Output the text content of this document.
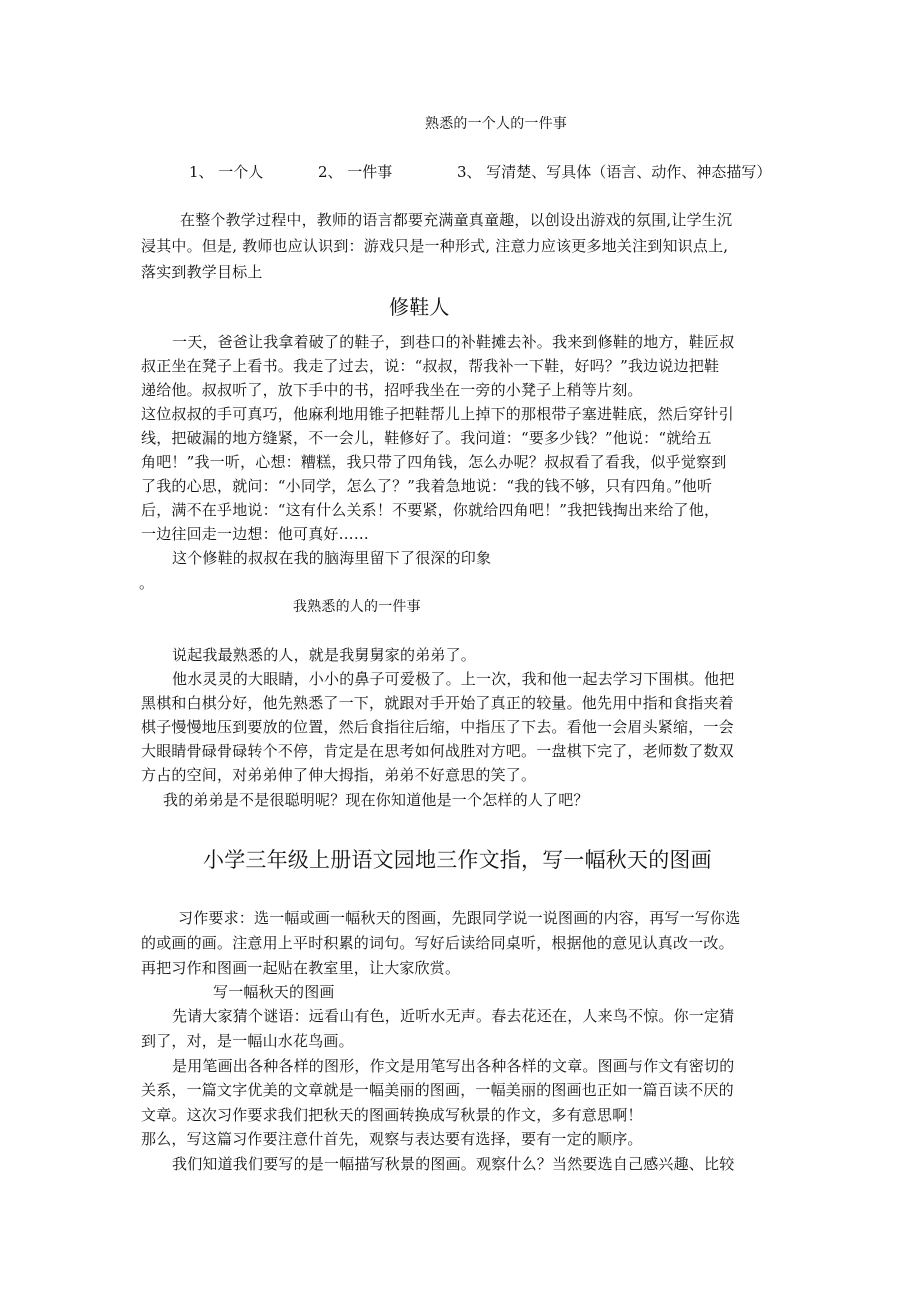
熟悉的一个人的一件事
1、 一个人	2、 一件事	3、 写清楚、写具体（语言、动作、神态描写）
在整个教学过程中，教师的语言都要充满童真童趣，以创设出游戏的氛围,让学生沉
浸其中。但是, 教师也应认识到：游戏只是一种形式, 注意力应该更多地关注到知识点上,
落实到教学目标上
修鞋人
一天，爸爸让我拿着破了的鞋子，到巷口的补鞋摊去补。我来到修鞋的地方，鞋匠叔
叔正坐在凳子上看书。我走了过去，说：“叔叔，帮我补一下鞋，好吗？”我边说边把鞋
递给他。叔叔听了，放下手中的书，招呼我坐在一旁的小凳子上稍等片刻。
这位叔叔的手可真巧，他麻利地用锥子把鞋帮儿上掉下的那根带子塞进鞋底，然后穿针引
线，把破漏的地方缝紧，不一会儿，鞋修好了。我问道：“要多少钱？”他说：“就给五
角吧！”我一听，心想：糟糕，我只带了四角钱，怎么办呢？叔叔看了看我，似乎觉察到
了我的心思，就问：“小同学，怎么了？”我着急地说：“我的钱不够，只有四角。”他听
后，满不在乎地说：“这有什么关系！不要紧，你就给四角吧！”我把钱掏出来给了他，
一边往回走一边想：他可真好……
这个修鞋的叔叔在我的脑海里留下了很深的印象
。
我熟悉的人的一件事
说起我最熟悉的人，就是我舅舅家的弟弟了。
他水灵灵的大眼睛，小小的鼻子可爱极了。上一次，我和他一起去学习下围棋。他把
黑棋和白棋分好，他先熟悉了一下，就跟对手开始了真正的较量。他先用中指和食指夹着
棋子慢慢地压到要放的位置，然后食指往后缩，中指压了下去。看他一会眉头紧缩，一会
大眼睛骨碌骨碌转个不停，肯定是在思考如何战胜对方吧。一盘棋下完了，老师数了数双
方占的空间，对弟弟伸了伸大拇指，弟弟不好意思的笑了。
我的弟弟是不是很聪明呢？现在你知道他是一个怎样的人了吧？
小学三年级上册语文园地三作文指，写一幅秋天的图画
习作要求：选一幅或画一幅秋天的图画，先跟同学说一说图画的内容，再写一写你选
的或画的画。注意用上平时积累的词句。写好后读给同桌听，根据他的意见认真改一改。
再把习作和图画一起贴在教室里，让大家欣赏。
写一幅秋天的图画
先请大家猜个谜语：远看山有色，近听水无声。春去花还在，人来鸟不惊。你一定猜
到了，对，是一幅山水花鸟画。
是用笔画出各种各样的图形，作文是用笔写出各种各样的文章。图画与作文有密切的
关系，一篇文字优美的文章就是一幅美丽的图画，一幅美丽的图画也正如一篇百读不厌的
文章。这次习作要求我们把秋天的图画转换成写秋景的作文，多有意思啊！
那么，写这篇习作要注意什首先，观察与表达要有选择，要有一定的顺序。
我们知道我们要写的是一幅描写秋景的图画。观察什么？当然要选自己感兴趣、比较
